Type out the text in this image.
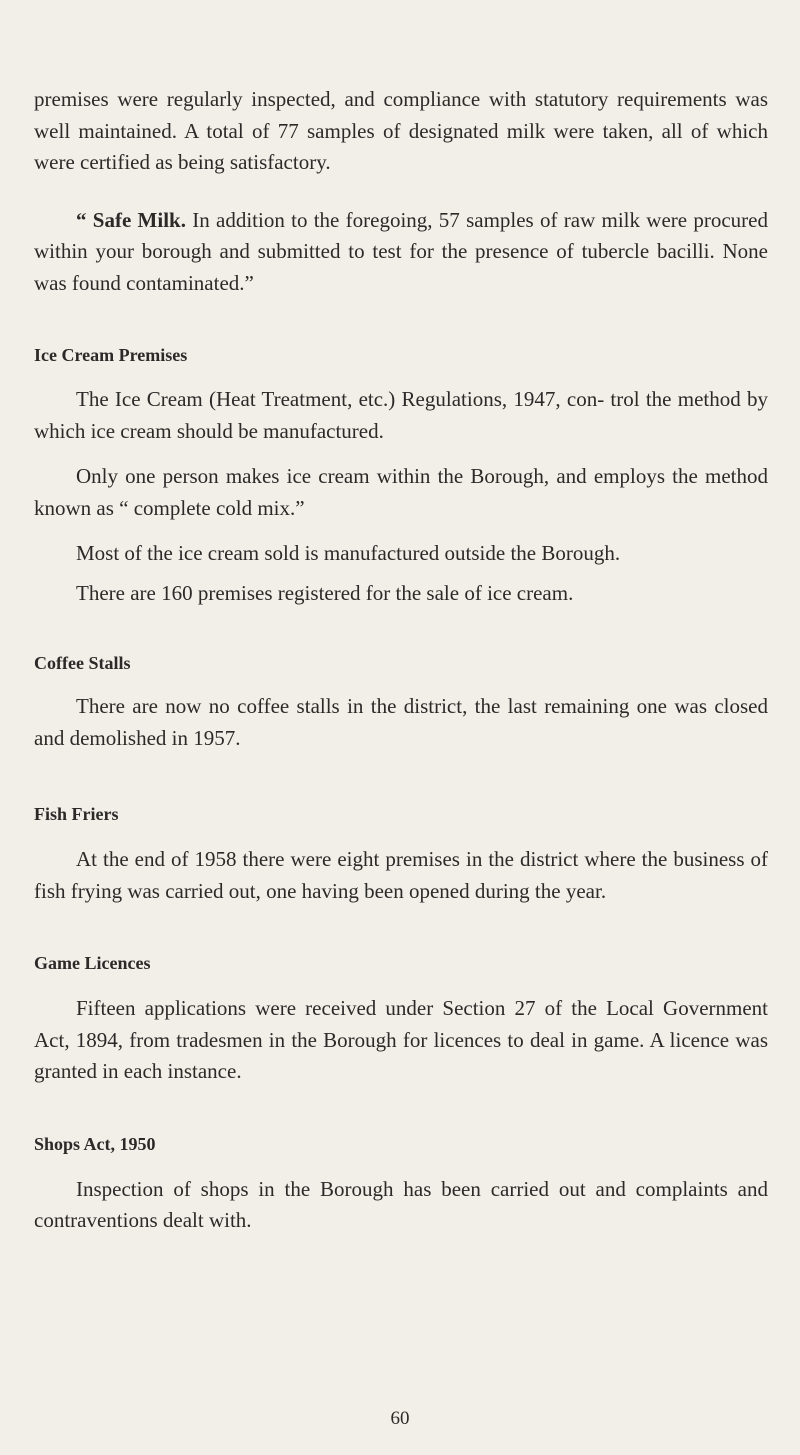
premises were regularly inspected, and compliance with statutory requirements was well maintained. A total of 77 samples of designated milk were taken, all of which were certified as being satisfactory.

“ Safe Milk. In addition to the foregoing, 57 samples of raw milk were procured within your borough and submitted to test for the presence of tubercle bacilli. None was found contaminated.”

Ice Cream Premises

The Ice Cream (Heat Treatment, etc.) Regulations, 1947, con- trol the method by which ice cream should be manufactured.

Only one person makes ice cream within the Borough, and employs the method known as “ complete cold mix.”

Most of the ice cream sold is manufactured outside the Borough.

There are 160 premises registered for the sale of ice cream.

Coffee Stalls

There are now no coffee stalls in the district, the last remaining one was closed and demolished in 1957.

Fish Friers

At the end of 1958 there were eight premises in the district where the business of fish frying was carried out, one having been opened during the year.

Game Licences

Fifteen applications were received under Section 27 of the Local Government Act, 1894, from tradesmen in the Borough for licences to deal in game. A licence was granted in each instance.

Shops Act, 1950

Inspection of shops in the Borough has been carried out and complaints and contraventions dealt with.

60
